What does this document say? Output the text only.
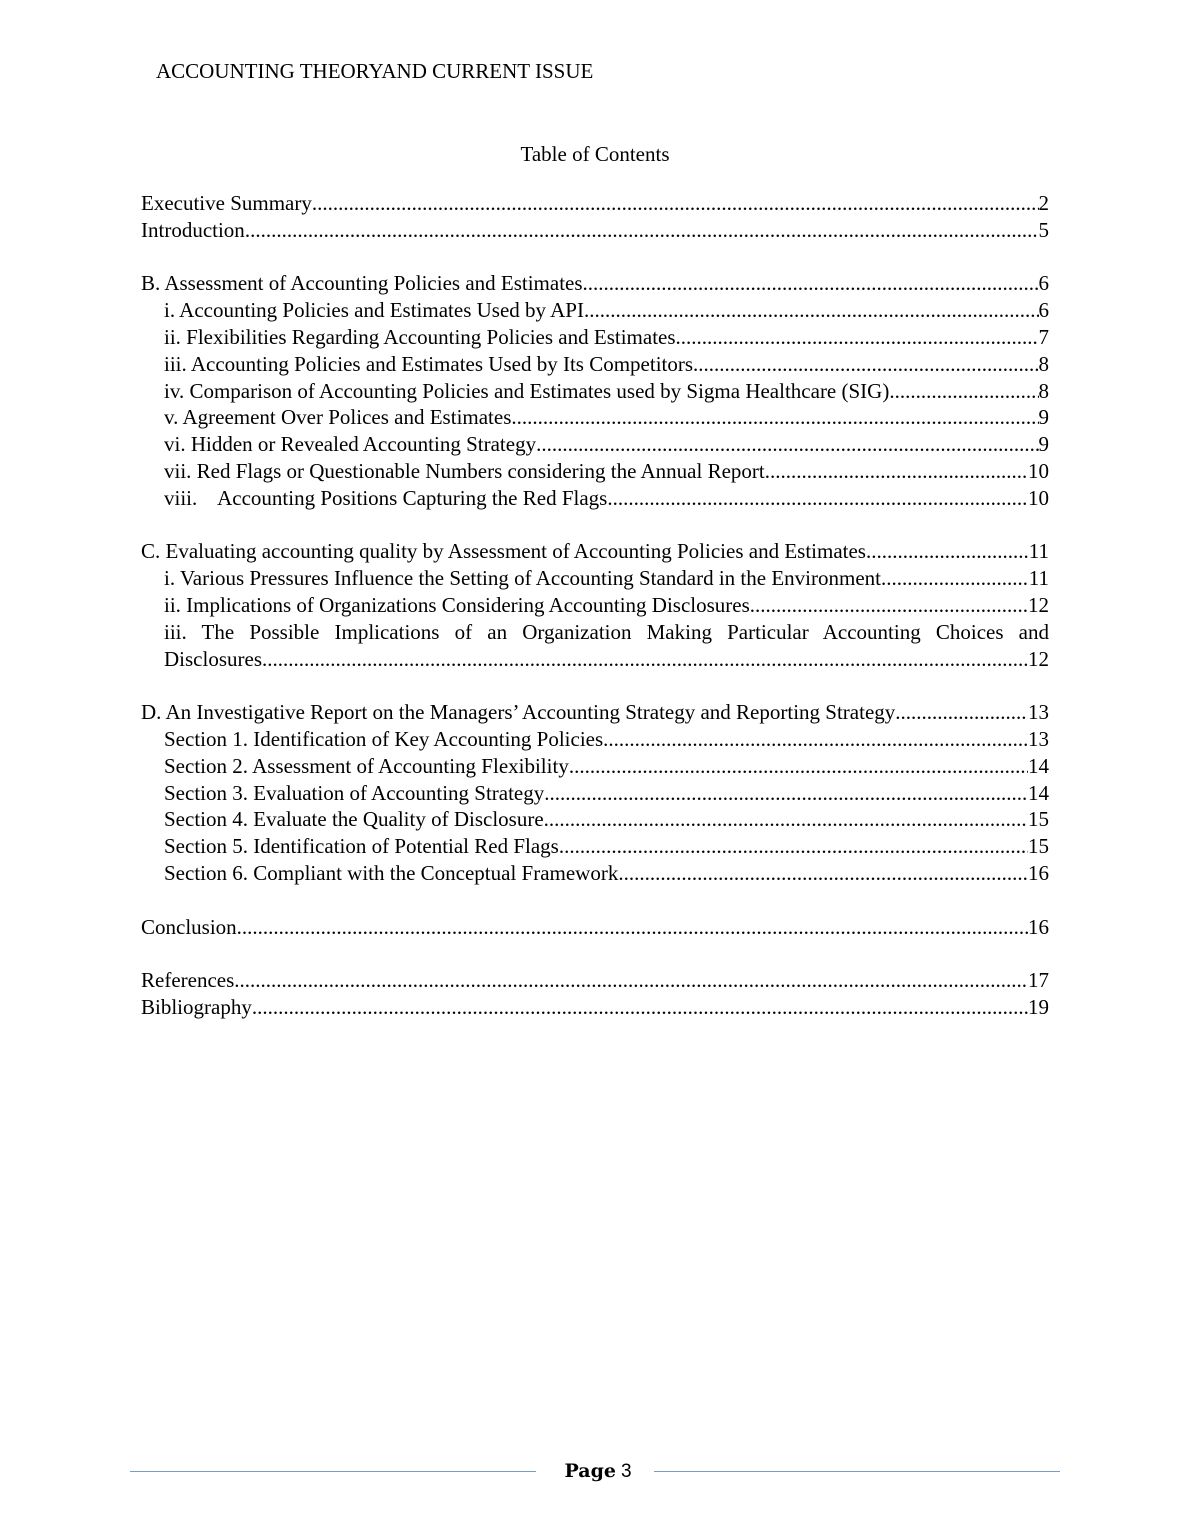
ACCOUNTING THEORYAND CURRENT ISSUE
Table of Contents
Executive Summary .....	2
Introduction .....	5
B. Assessment of Accounting Policies and Estimates .....	6
i. Accounting Policies and Estimates Used by API .....	6
ii. Flexibilities Regarding Accounting Policies and Estimates .....	7
iii. Accounting Policies and Estimates Used by Its Competitors .....	8
iv. Comparison of Accounting Policies and Estimates used by Sigma Healthcare (SIG) .....	8
v. Agreement Over Polices and Estimates .....	9
vi. Hidden or Revealed Accounting Strategy .....	9
vii. Red Flags or Questionable Numbers considering the Annual Report .....	10
viii.    Accounting Positions Capturing the Red Flags .....	10
C. Evaluating accounting quality by Assessment of Accounting Policies and Estimates .....	11
i. Various Pressures Influence the Setting of Accounting Standard in the Environment .....	11
ii. Implications of Organizations Considering Accounting Disclosures .....	12
iii. The Possible Implications of an Organization Making Particular Accounting Choices and
Disclosures .....	12
D. An Investigative Report on the Managers’ Accounting Strategy and Reporting Strategy .....	13
Section 1. Identification of Key Accounting Policies .....	13
Section 2. Assessment of Accounting Flexibility .....	14
Section 3. Evaluation of Accounting Strategy .....	14
Section 4. Evaluate the Quality of Disclosure .....	15
Section 5. Identification of Potential Red Flags .....	15
Section 6. Compliant with the Conceptual Framework .....	16
Conclusion .....	16
References .....	17
Bibliography .....	19
Page 3
